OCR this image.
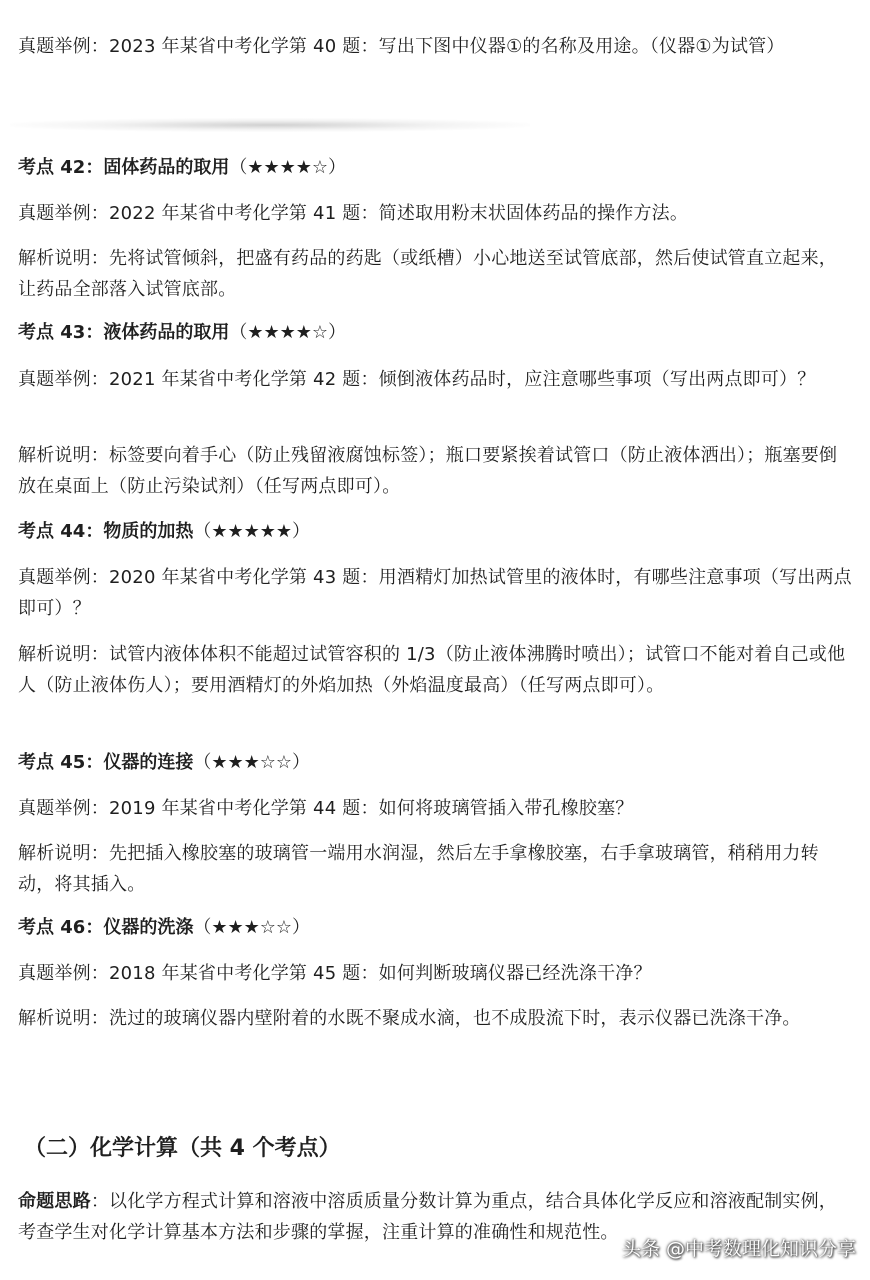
真题举例：2023 年某省中考化学第 40 题：写出下图中仪器①的名称及用途。（仪器①为试管）

考点 42：固体药品的取用（★★★★☆）

真题举例：2022 年某省中考化学第 41 题：简述取用粉末状固体药品的操作方法。

解析说明：先将试管倾斜，把盛有药品的药匙（或纸槽）小心地送至试管底部，然后使试管直立起来，让药品全部落入试管底部。

考点 43：液体药品的取用（★★★★☆）

真题举例：2021 年某省中考化学第 42 题：倾倒液体药品时，应注意哪些事项（写出两点即可）？

解析说明：标签要向着手心（防止残留液腐蚀标签）；瓶口要紧挨着试管口（防止液体洒出）；瓶塞要倒放在桌面上（防止污染试剂）（任写两点即可）。

考点 44：物质的加热（★★★★★）

真题举例：2020 年某省中考化学第 43 题：用酒精灯加热试管里的液体时，有哪些注意事项（写出两点即可）？

解析说明：试管内液体体积不能超过试管容积的 1/3（防止液体沸腾时喷出）；试管口不能对着自己或他人（防止液体伤人）；要用酒精灯的外焰加热（外焰温度最高）（任写两点即可）。

考点 45：仪器的连接（★★★☆☆）

真题举例：2019 年某省中考化学第 44 题：如何将玻璃管插入带孔橡胶塞？

解析说明：先把插入橡胶塞的玻璃管一端用水润湿，然后左手拿橡胶塞，右手拿玻璃管，稍稍用力转动，将其插入。

考点 46：仪器的洗涤（★★★☆☆）

真题举例：2018 年某省中考化学第 45 题：如何判断玻璃仪器已经洗涤干净？

解析说明：洗过的玻璃仪器内壁附着的水既不聚成水滴，也不成股流下时，表示仪器已洗涤干净。

（二）化学计算（共 4 个考点）

命题思路：以化学方程式计算和溶液中溶质质量分数计算为重点，结合具体化学反应和溶液配制实例，考查学生对化学计算基本方法和步骤的掌握，注重计算的准确性和规范性。

头条 @中考数理化知识分享
